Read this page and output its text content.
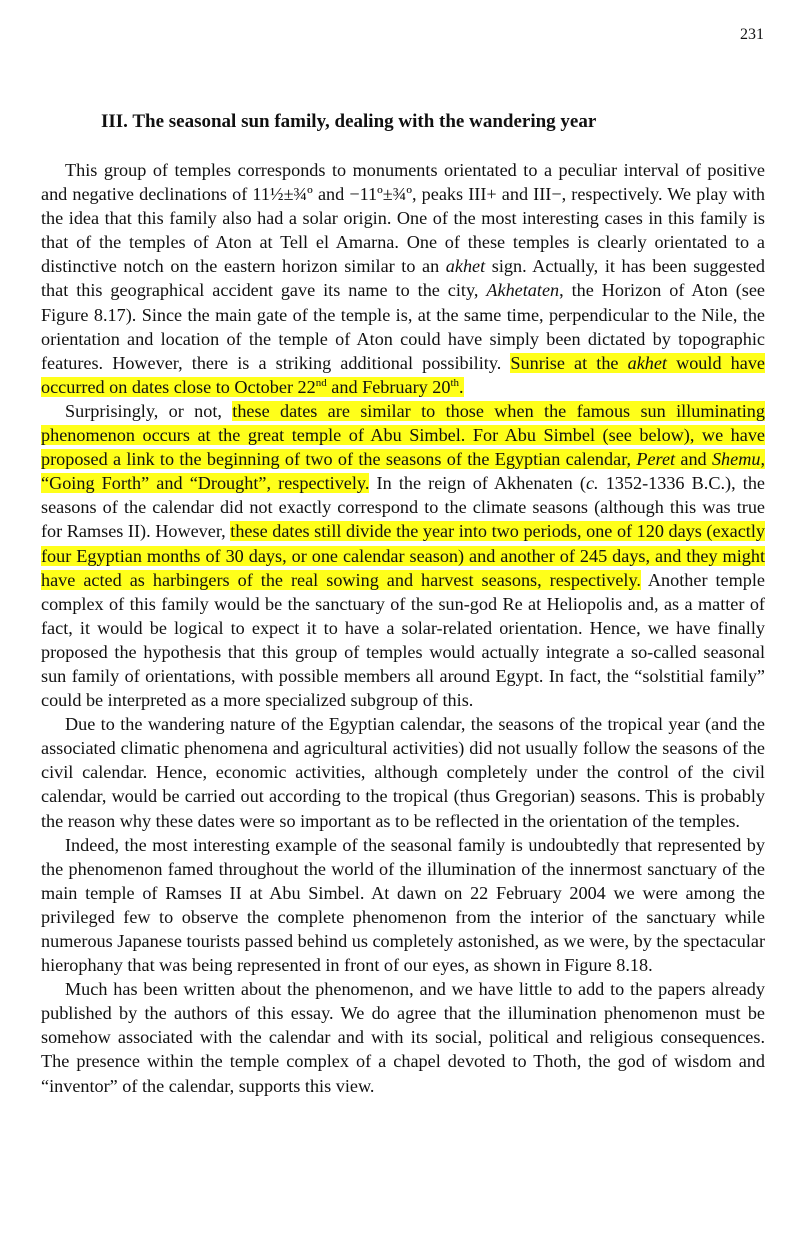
231
III. The seasonal sun family, dealing with the wandering year

This group of temples corresponds to monuments orientated to a peculiar interval of positive and negative declinations of 11½±¾º and −11º±¾º, peaks III+ and III−, respectively. We play with the idea that this family also had a solar origin. One of the most interesting cases in this family is that of the temples of Aton at Tell el Amarna. One of these temples is clearly orientated to a distinctive notch on the eastern horizon similar to an akhet sign. Actually, it has been suggested that this geographical accident gave its name to the city, Akhetaten, the Horizon of Aton (see Figure 8.17). Since the main gate of the temple is, at the same time, perpendicular to the Nile, the orientation and location of the temple of Aton could have simply been dictated by topographic features. However, there is a striking additional possibility. Sunrise at the akhet would have occurred on dates close to October 22nd and February 20th.

Surprisingly, or not, these dates are similar to those when the famous sun illuminating phenomenon occurs at the great temple of Abu Simbel. For Abu Simbel (see below), we have proposed a link to the beginning of two of the seasons of the Egyptian calendar, Peret and Shemu, “Going Forth” and “Drought”, respectively. In the reign of Akhenaten (c. 1352-1336 B.C.), the seasons of the calendar did not exactly correspond to the climate seasons (although this was true for Ramses II). However, these dates still divide the year into two periods, one of 120 days (exactly four Egyptian months of 30 days, or one calendar season) and another of 245 days, and they might have acted as harbingers of the real sowing and harvest seasons, respectively. Another temple complex of this family would be the sanctuary of the sun-god Re at Heliopolis and, as a matter of fact, it would be logical to expect it to have a solar-related orientation. Hence, we have finally proposed the hypothesis that this group of temples would actually integrate a so-called seasonal sun family of orientations, with possible members all around Egypt. In fact, the “solstitial family” could be interpreted as a more specialized subgroup of this.

Due to the wandering nature of the Egyptian calendar, the seasons of the tropical year (and the associated climatic phenomena and agricultural activities) did not usually follow the seasons of the civil calendar. Hence, economic activities, although completely under the control of the civil calendar, would be carried out according to the tropical (thus Gregorian) seasons. This is probably the reason why these dates were so important as to be reflected in the orientation of the temples.

Indeed, the most interesting example of the seasonal family is undoubtedly that represented by the phenomenon famed throughout the world of the illumination of the innermost sanctuary of the main temple of Ramses II at Abu Simbel. At dawn on 22 February 2004 we were among the privileged few to observe the complete phenomenon from the interior of the sanctuary while numerous Japanese tourists passed behind us completely astonished, as we were, by the spectacular hierophany that was being represented in front of our eyes, as shown in Figure 8.18.

Much has been written about the phenomenon, and we have little to add to the papers already published by the authors of this essay. We do agree that the illumination phenomenon must be somehow associated with the calendar and with its social, political and religious consequences. The presence within the temple complex of a chapel devoted to Thoth, the god of wisdom and “inventor” of the calendar, supports this view.
